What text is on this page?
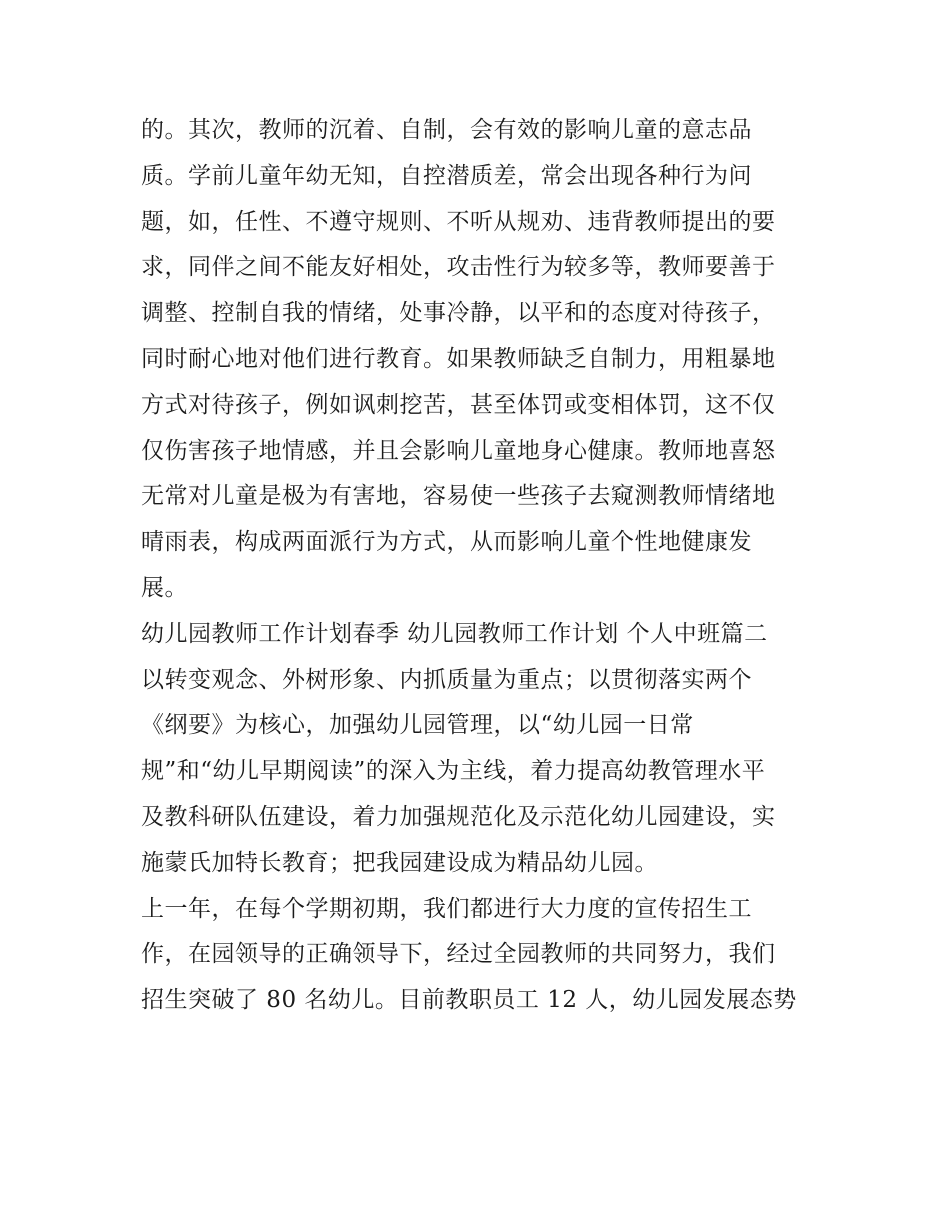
的。其次，教师的沉着、自制，会有效的影响儿童的意志品
质。学前儿童年幼无知，自控潜质差，常会出现各种行为问
题，如，任性、不遵守规则、不听从规劝、违背教师提出的要
求，同伴之间不能友好相处，攻击性行为较多等，教师要善于
调整、控制自我的情绪，处事冷静，以平和的态度对待孩子，
同时耐心地对他们进行教育。如果教师缺乏自制力，用粗暴地
方式对待孩子，例如讽刺挖苦，甚至体罚或变相体罚，这不仅
仅伤害孩子地情感，并且会影响儿童地身心健康。教师地喜怒
无常对儿童是极为有害地，容易使一些孩子去窥测教师情绪地
晴雨表，构成两面派行为方式，从而影响儿童个性地健康发
展。
幼儿园教师工作计划春季 幼儿园教师工作计划 个人中班篇二
以转变观念、外树形象、内抓质量为重点；以贯彻落实两个
《纲要》为核心，加强幼儿园管理，以“幼儿园一日常
规”和“幼儿早期阅读”的深入为主线，着力提高幼教管理水平
及教科研队伍建设，着力加强规范化及示范化幼儿园建设，实
施蒙氏加特长教育；把我园建设成为精品幼儿园。
上一年，在每个学期初期，我们都进行大力度的宣传招生工
作，在园领导的正确领导下，经过全园教师的共同努力，我们
招生突破了 80 名幼儿。目前教职员工 12 人，幼儿园发展态势
